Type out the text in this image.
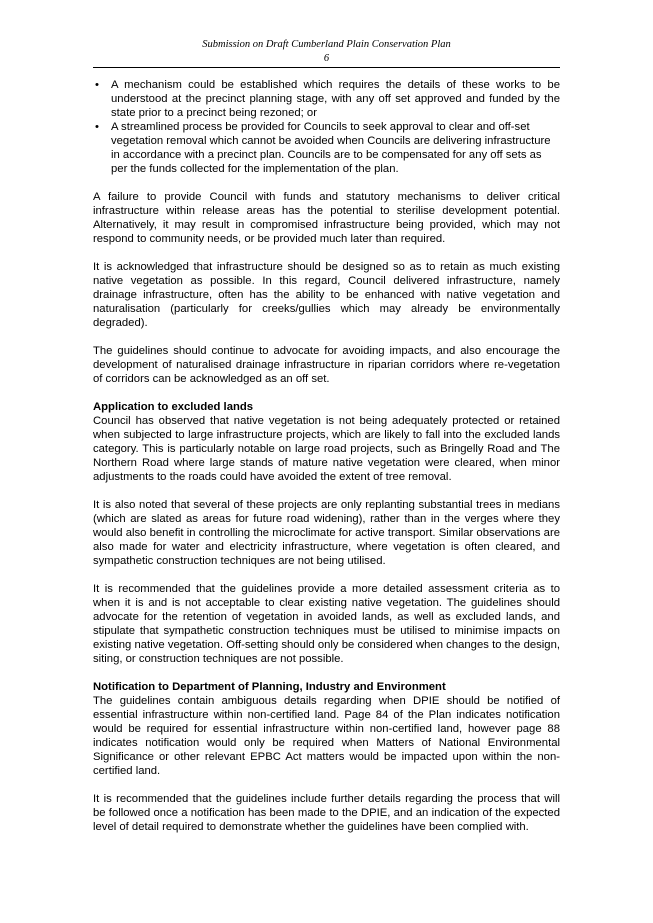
Submission on Draft Cumberland Plain Conservation Plan
6
• A mechanism could be established which requires the details of these works to be understood at the precinct planning stage, with any off set approved and funded by the state prior to a precinct being rezoned; or
• A streamlined process be provided for Councils to seek approval to clear and off-set vegetation removal which cannot be avoided when Councils are delivering infrastructure in accordance with a precinct plan. Councils are to be compensated for any off sets as per the funds collected for the implementation of the plan.

A failure to provide Council with funds and statutory mechanisms to deliver critical infrastructure within release areas has the potential to sterilise development potential. Alternatively, it may result in compromised infrastructure being provided, which may not respond to community needs, or be provided much later than required.

It is acknowledged that infrastructure should be designed so as to retain as much existing native vegetation as possible. In this regard, Council delivered infrastructure, namely drainage infrastructure, often has the ability to be enhanced with native vegetation and naturalisation (particularly for creeks/gullies which may already be environmentally degraded).

The guidelines should continue to advocate for avoiding impacts, and also encourage the development of naturalised drainage infrastructure in riparian corridors where re-vegetation of corridors can be acknowledged as an off set.

Application to excluded lands

Council has observed that native vegetation is not being adequately protected or retained when subjected to large infrastructure projects, which are likely to fall into the excluded lands category. This is particularly notable on large road projects, such as Bringelly Road and The Northern Road where large stands of mature native vegetation were cleared, when minor adjustments to the roads could have avoided the extent of tree removal.

It is also noted that several of these projects are only replanting substantial trees in medians (which are slated as areas for future road widening), rather than in the verges where they would also benefit in controlling the microclimate for active transport. Similar observations are also made for water and electricity infrastructure, where vegetation is often cleared, and sympathetic construction techniques are not being utilised.

It is recommended that the guidelines provide a more detailed assessment criteria as to when it is and is not acceptable to clear existing native vegetation. The guidelines should advocate for the retention of vegetation in avoided lands, as well as excluded lands, and stipulate that sympathetic construction techniques must be utilised to minimise impacts on existing native vegetation. Off-setting should only be considered when changes to the design, siting, or construction techniques are not possible.

Notification to Department of Planning, Industry and Environment

The guidelines contain ambiguous details regarding when DPIE should be notified of essential infrastructure within non-certified land. Page 84 of the Plan indicates notification would be required for essential infrastructure within non-certified land, however page 88 indicates notification would only be required when Matters of National Environmental Significance or other relevant EPBC Act matters would be impacted upon within the non-certified land.

It is recommended that the guidelines include further details regarding the process that will be followed once a notification has been made to the DPIE, and an indication of the expected level of detail required to demonstrate whether the guidelines have been complied with.
